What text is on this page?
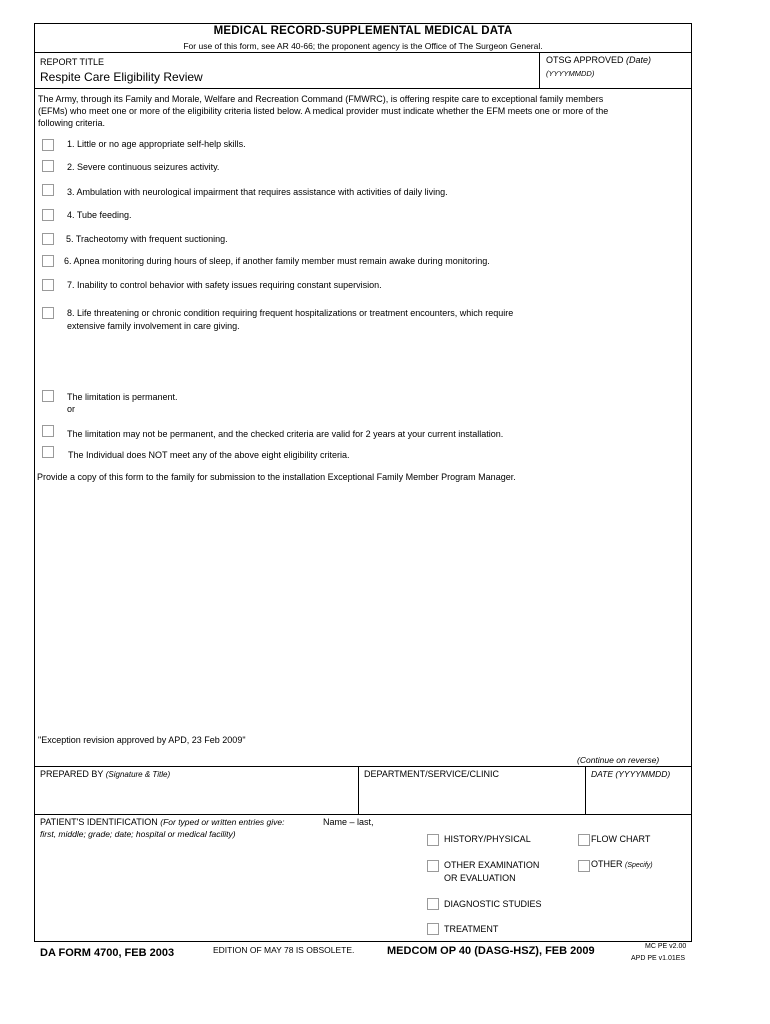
MEDICAL RECORD-SUPPLEMENTAL MEDICAL DATA
For use of this form, see AR 40-66; the proponent agency is the Office of The Surgeon General.
REPORT TITLE
Respite Care Eligibility Review
OTSG APPROVED (Date)
(YYYYMMDD)
The Army, through its Family and Morale, Welfare and Recreation Command (FMWRC), is offering respite care to exceptional family members
(EFMs) who meet one or more of the eligibility criteria listed below. A medical provider must indicate whether the EFM meets one or more of the
following criteria.
1. Little or no age appropriate self-help skills.
2. Severe continuous seizures activity.
3. Ambulation with neurological impairment that requires assistance with activities of daily living.
4. Tube feeding.
5. Tracheotomy with frequent suctioning.
6. Apnea monitoring during hours of sleep, if another family member must remain awake during monitoring.
7. Inability to control behavior with safety issues requiring constant supervision.
8. Life threatening or chronic condition requiring frequent hospitalizations or treatment encounters, which require
extensive family involvement in care giving.
The limitation is permanent.
or
The limitation may not be permanent, and the checked criteria are valid for 2 years at your current installation.
The Individual does NOT meet any of the above eight eligibility criteria.
Provide a copy of this form to the family for submission to the installation Exceptional Family Member Program Manager.
"Exception revision approved by APD, 23 Feb 2009"
(Continue on reverse)
PREPARED BY (Signature & Title)	DEPARTMENT/SERVICE/CLINIC	DATE (YYYYMMDD)
PATIENT'S IDENTIFICATION (For typed or written entries give:	Name – last,
first, middle; grade; date; hospital or medical facility)	HISTORY/PHYSICAL	FLOW CHART
OTHER EXAMINATION
OR EVALUATION
OTHER (Specify)
DIAGNOSTIC STUDIES
TREATMENT
DA FORM 4700, FEB 2003	EDITION OF MAY 78 IS OBSOLETE.	MEDCOM OP 40 (DASG-HSZ), FEB 2009	MC PE v2.00
APD PE v1.01ES
